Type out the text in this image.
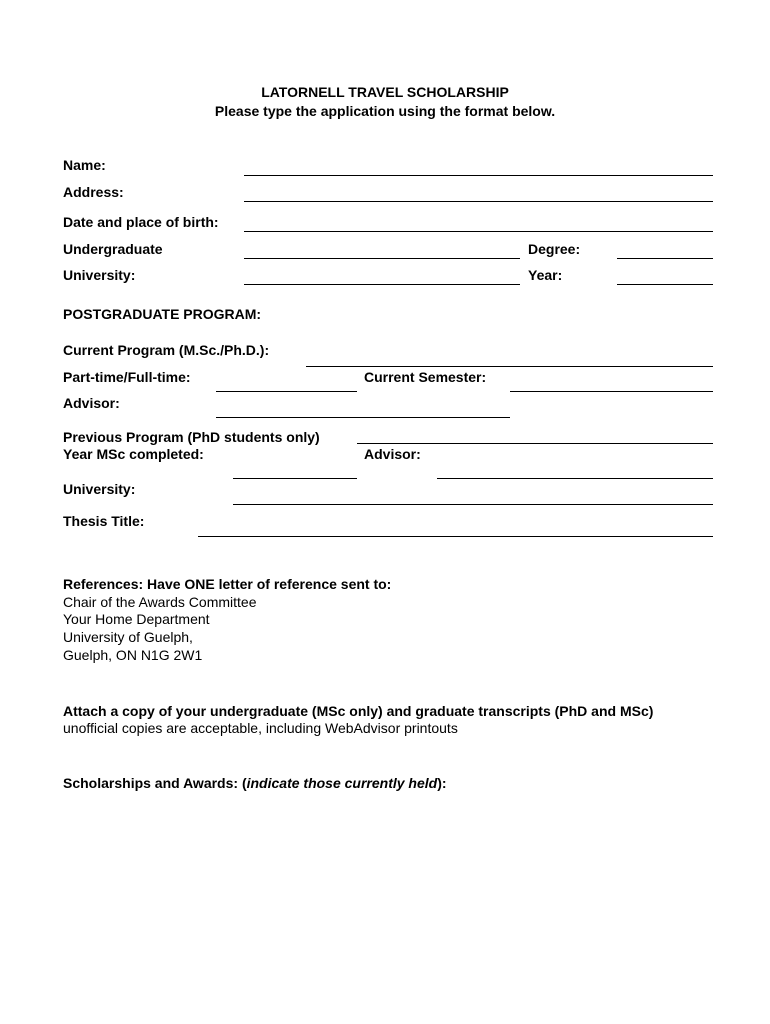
LATORNELL TRAVEL SCHOLARSHIP
Please type the application using the format below.
Name:
Address:
Date and place of birth:
Undergraduate	Degree:
University:	Year:
POSTGRADUATE PROGRAM:
Current Program (M.Sc./Ph.D.):
Part-time/Full-time:	Current Semester:
Advisor:
Previous Program (PhD students only)
Year MSc completed:	Advisor:
University:
Thesis Title:
References: Have ONE letter of reference sent to:
Chair of the Awards Committee
Your Home Department
University of Guelph,
Guelph, ON N1G 2W1
Attach a copy of your undergraduate (MSc only) and graduate transcripts (PhD and MSc)
unofficial copies are acceptable, including WebAdvisor printouts
Scholarships and Awards: (indicate those currently held):
